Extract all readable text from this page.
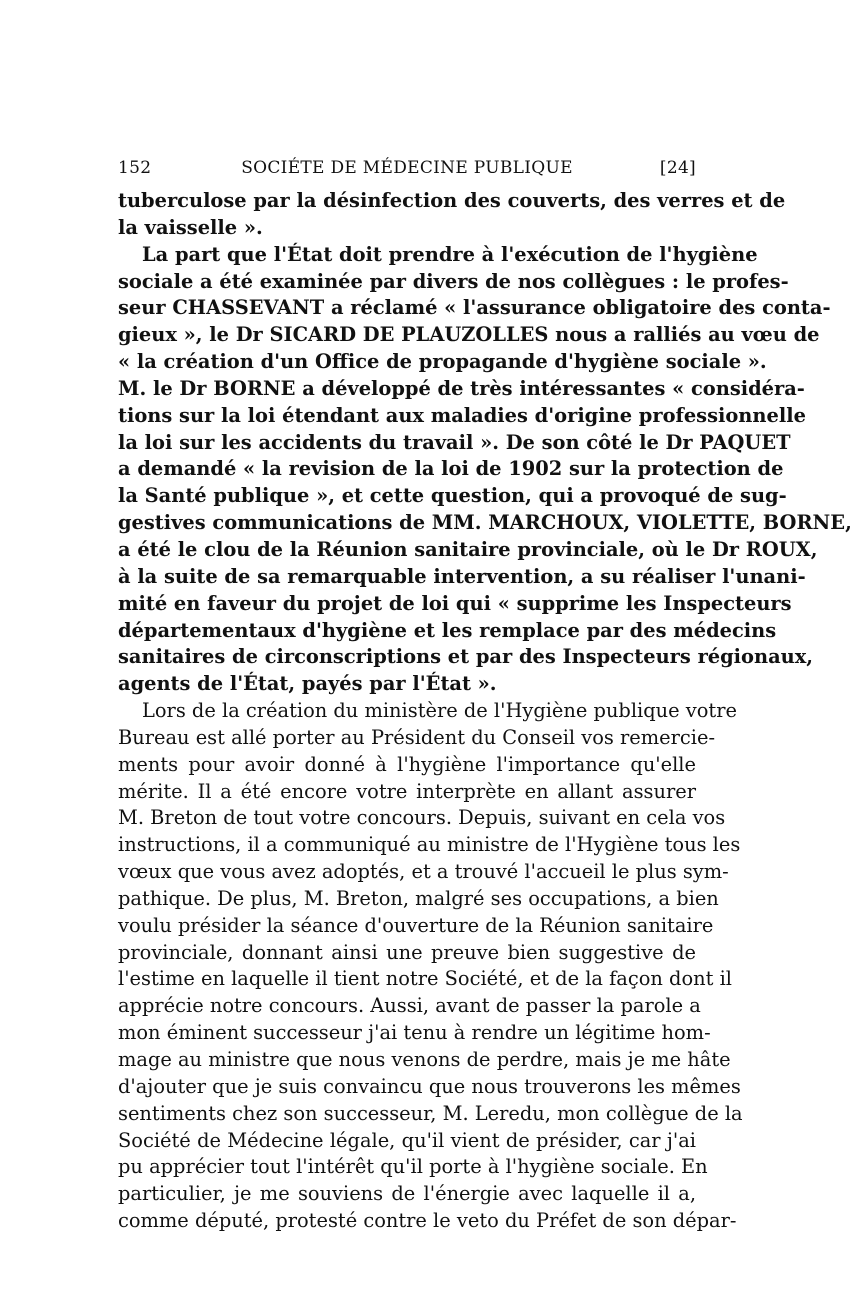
152	SOCIÉTE DE MÉDECINE PUBLIQUE	[24]
tuberculose par la désinfection des couverts, des verres et de
la vaisselle ».
La part que l'État doit prendre à l'exécution de l'hygiène
sociale a été examinée par divers de nos collègues : le profes-
seur CHASSEVANT a réclamé « l'assurance obligatoire des conta-
gieux », le Dr SICARD DE PLAUZOLLES nous a ralliés au vœu de
« la création d'un Office de propagande d'hygiène sociale ».
M. le Dr BORNE a développé de très intéressantes « considéra-
tions sur la loi étendant aux maladies d'origine professionnelle
la loi sur les accidents du travail ». De son côté le Dr PAQUET
a demandé « la revision de la loi de 1902 sur la protection de
la Santé publique », et cette question, qui a provoqué de sug-
gestives communications de MM. MARCHOUX, VIOLETTE, BORNE,
a été le clou de la Réunion sanitaire provinciale, où le Dr ROUX,
à la suite de sa remarquable intervention, a su réaliser l'unani-
mité en faveur du projet de loi qui « supprime les Inspecteurs
départementaux d'hygiène et les remplace par des médecins
sanitaires de circonscriptions et par des Inspecteurs régionaux,
agents de l'État, payés par l'État ».
Lors de la création du ministère de l'Hygiène publique votre
Bureau est allé porter au Président du Conseil vos remercie-
ments pour avoir donné à l'hygiène l'importance qu'elle
mérite. Il a été encore votre interprète en allant assurer
M. Breton de tout votre concours. Depuis, suivant en cela vos
instructions, il a communiqué au ministre de l'Hygiène tous les
vœux que vous avez adoptés, et a trouvé l'accueil le plus sym-
pathique. De plus, M. Breton, malgré ses occupations, a bien
voulu présider la séance d'ouverture de la Réunion sanitaire
provinciale, donnant ainsi une preuve bien suggestive de
l'estime en laquelle il tient notre Société, et de la façon dont il
apprécie notre concours. Aussi, avant de passer la parole a
mon éminent successeur j'ai tenu à rendre un légitime hom-
mage au ministre que nous venons de perdre, mais je me hâte
d'ajouter que je suis convaincu que nous trouverons les mêmes
sentiments chez son successeur, M. Leredu, mon collègue de la
Société de Médecine légale, qu'il vient de présider, car j'ai
pu apprécier tout l'intérêt qu'il porte à l'hygiène sociale. En
particulier, je me souviens de l'énergie avec laquelle il a,
comme député, protesté contre le veto du Préfet de son dépar-
